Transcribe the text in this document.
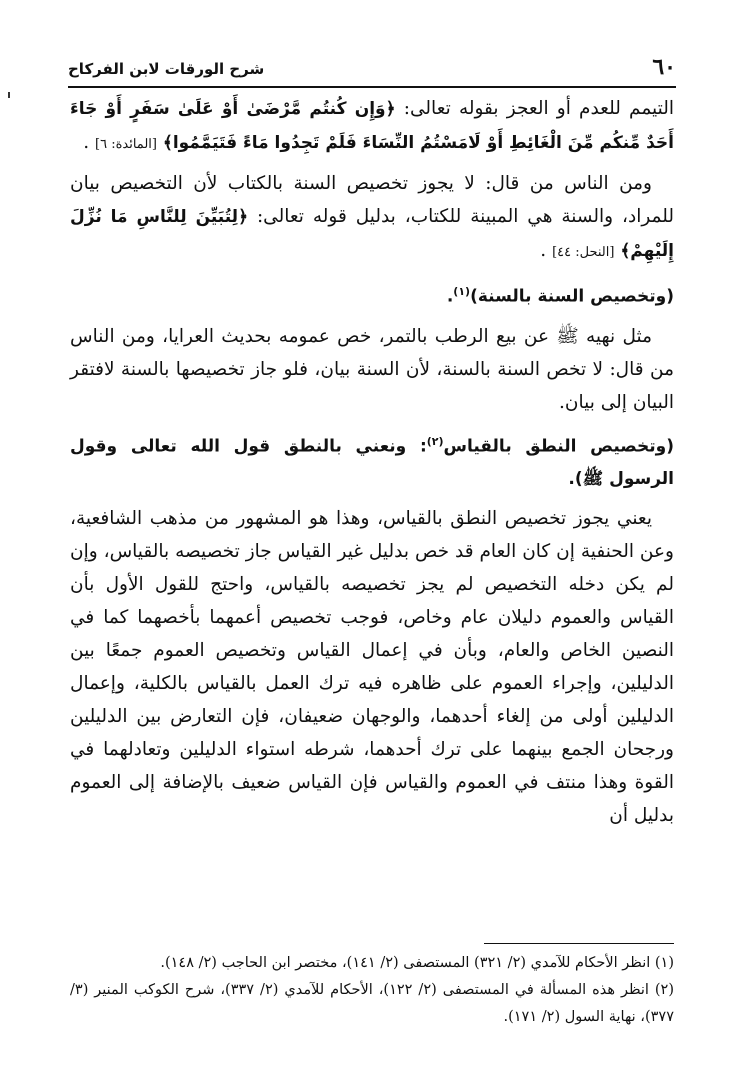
٦٠
شرح الورقات لابن الفركاح

التيمم للعدم أو العجز بقوله تعالى: ﴿وَإِن كُنتُم مَّرْضَىٰ أَوْ عَلَىٰ سَفَرٍ أَوْ جَاءَ أَحَدٌ مِّنكُم مِّنَ الْغَائِطِ أَوْ لَامَسْتُمُ النِّسَاءَ فَلَمْ تَجِدُوا مَاءً فَتَيَمَّمُوا﴾ [المائدة: ٦] .

ومن الناس من قال: لا يجوز تخصيص السنة بالكتاب لأن التخصيص بيان للمراد، والسنة هي المبينة للكتاب، بدليل قوله تعالى: ﴿لِتُبَيِّنَ لِلنَّاسِ مَا نُزِّلَ إِلَيْهِمْ﴾ [النحل: ٤٤] .

(وتخصيص السنة بالسنة)$^{(١)}$.

مثل نهيه ﷺ عن بيع الرطب بالتمر، خص عمومه بحديث العرايا، ومن الناس من قال: لا تخص السنة بالسنة، لأن السنة بيان، فلو جاز تخصيصها بالسنة لافتقر البيان إلى بيان.

(وتخصيص النطق بالقياس$^{(٢)}$: ونعني بالنطق قول الله تعالى وقول الرسول ﷺ).

يعني يجوز تخصيص النطق بالقياس، وهذا هو المشهور من مذهب الشافعية، وعن الحنفية إن كان العام قد خص بدليل غير القياس جاز تخصيصه بالقياس، وإن لم يكن دخله التخصيص لم يجز تخصيصه بالقياس، واحتج للقول الأول بأن القياس والعموم دليلان عام وخاص، فوجب تخصيص أعمهما بأخصهما كما في النصين الخاص والعام، وبأن في إعمال القياس وتخصيص العموم جمعًا بين الدليلين، وإجراء العموم على ظاهره فيه ترك العمل بالقياس بالكلية، وإعمال الدليلين أولى من إلغاء أحدهما، والوجهان ضعيفان، فإن التعارض بين الدليلين ورجحان الجمع بينهما على ترك أحدهما، شرطه استواء الدليلين وتعادلهما في القوة وهذا منتف في العموم والقياس فإن القياس ضعيف بالإضافة إلى العموم بدليل أن

(١) انظر الأحكام للآمدي (٢/ ٣٢١) المستصفى (٢/ ١٤١)، مختصر ابن الحاجب (٢/ ١٤٨).

(٢) انظر هذه المسألة في المستصفى (٢/ ١٢٢)، الأحكام للآمدي (٢/ ٣٣٧)، شرح الكوكب المنير (٣/ ٣٧٧)، نهاية السول (٢/ ١٧١).
